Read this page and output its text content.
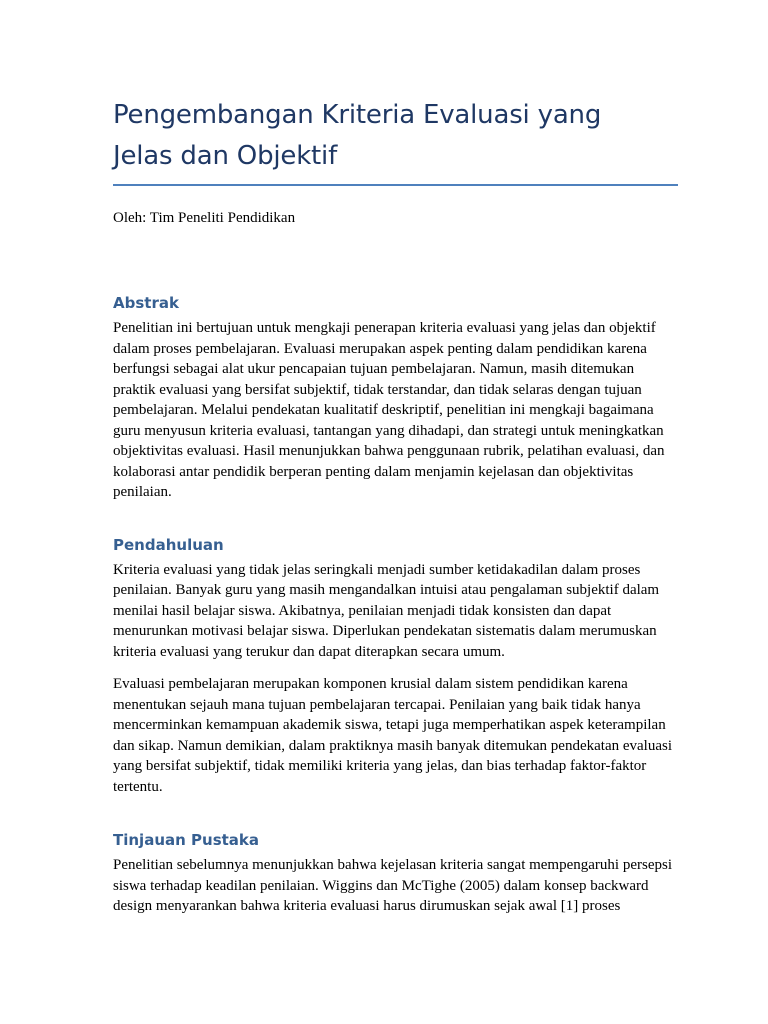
Pengembangan Kriteria Evaluasi yang
Jelas dan Objektif
Oleh: Tim Peneliti Pendidikan
Abstrak

Penelitian ini bertujuan untuk mengkaji penerapan kriteria evaluasi yang jelas dan objektif
dalam proses pembelajaran. Evaluasi merupakan aspek penting dalam pendidikan karena
berfungsi sebagai alat ukur pencapaian tujuan pembelajaran. Namun, masih ditemukan
praktik evaluasi yang bersifat subjektif, tidak terstandar, dan tidak selaras dengan tujuan
pembelajaran. Melalui pendekatan kualitatif deskriptif, penelitian ini mengkaji bagaimana
guru menyusun kriteria evaluasi, tantangan yang dihadapi, dan strategi untuk meningkatkan
objektivitas evaluasi. Hasil menunjukkan bahwa penggunaan rubrik, pelatihan evaluasi, dan
kolaborasi antar pendidik berperan penting dalam menjamin kejelasan dan objektivitas
penilaian.

Pendahuluan

Kriteria evaluasi yang tidak jelas seringkali menjadi sumber ketidakadilan dalam proses
penilaian. Banyak guru yang masih mengandalkan intuisi atau pengalaman subjektif dalam
menilai hasil belajar siswa. Akibatnya, penilaian menjadi tidak konsisten dan dapat
menurunkan motivasi belajar siswa. Diperlukan pendekatan sistematis dalam merumuskan
kriteria evaluasi yang terukur dan dapat diterapkan secara umum.

Evaluasi pembelajaran merupakan komponen krusial dalam sistem pendidikan karena
menentukan sejauh mana tujuan pembelajaran tercapai. Penilaian yang baik tidak hanya
mencerminkan kemampuan akademik siswa, tetapi juga memperhatikan aspek keterampilan
dan sikap. Namun demikian, dalam praktiknya masih banyak ditemukan pendekatan evaluasi
yang bersifat subjektif, tidak memiliki kriteria yang jelas, dan bias terhadap faktor-faktor
tertentu.

Tinjauan Pustaka

Penelitian sebelumnya menunjukkan bahwa kejelasan kriteria sangat mempengaruhi persepsi
siswa terhadap keadilan penilaian. Wiggins dan McTighe (2005) dalam konsep backward
design menyarankan bahwa kriteria evaluasi harus dirumuskan sejak awal [1] proses
